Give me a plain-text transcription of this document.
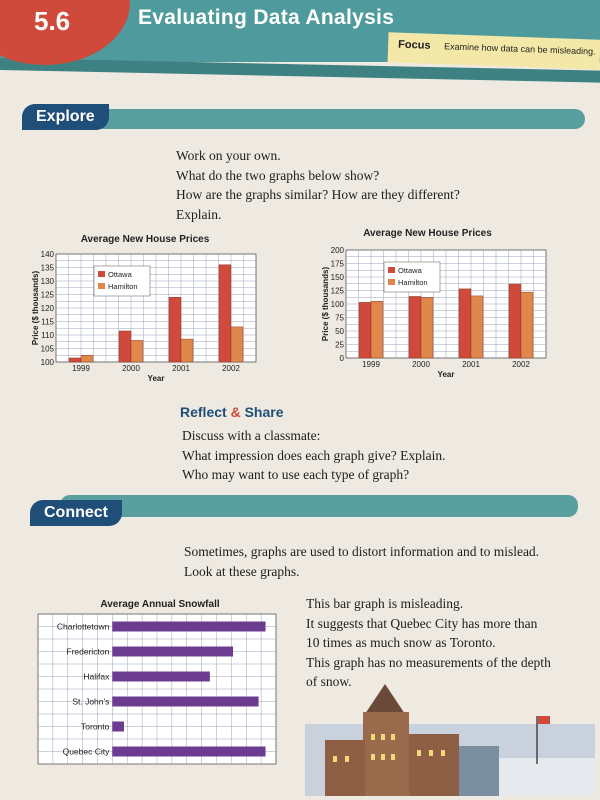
5.6	Evaluating Data Analysis
Focus Examine how data can be misleading.
Explore
Work on your own.
What do the two graphs below show?
How are the graphs similar? How are they different?
Explain.
Average New House Prices
100
105
110
115
120
125
130
135
140
1999	2000	2001	2002
Year
Price ($ thousands)	Ottawa
Hamilton
Average New House Prices
0
25
50
75
100
125
150
175
200
1999	2000	2001	2002
Year
Price ($ thousands)	Ottawa
Hamilton
Reflect & Share
Discuss with a classmate:
What impression does each graph give? Explain.
Who may want to use each type of graph?
Connect
Sometimes, graphs are used to distort information and to mislead.
Look at these graphs.
Average Annual Snowfall
Charlottetown
Fredericton
Halifax
St. John's
Toronto
Quebec City
This bar graph is misleading.
It suggests that Quebec City has more than
10 times as much snow as Toronto.
This graph has no measurements of the depth
of snow.
